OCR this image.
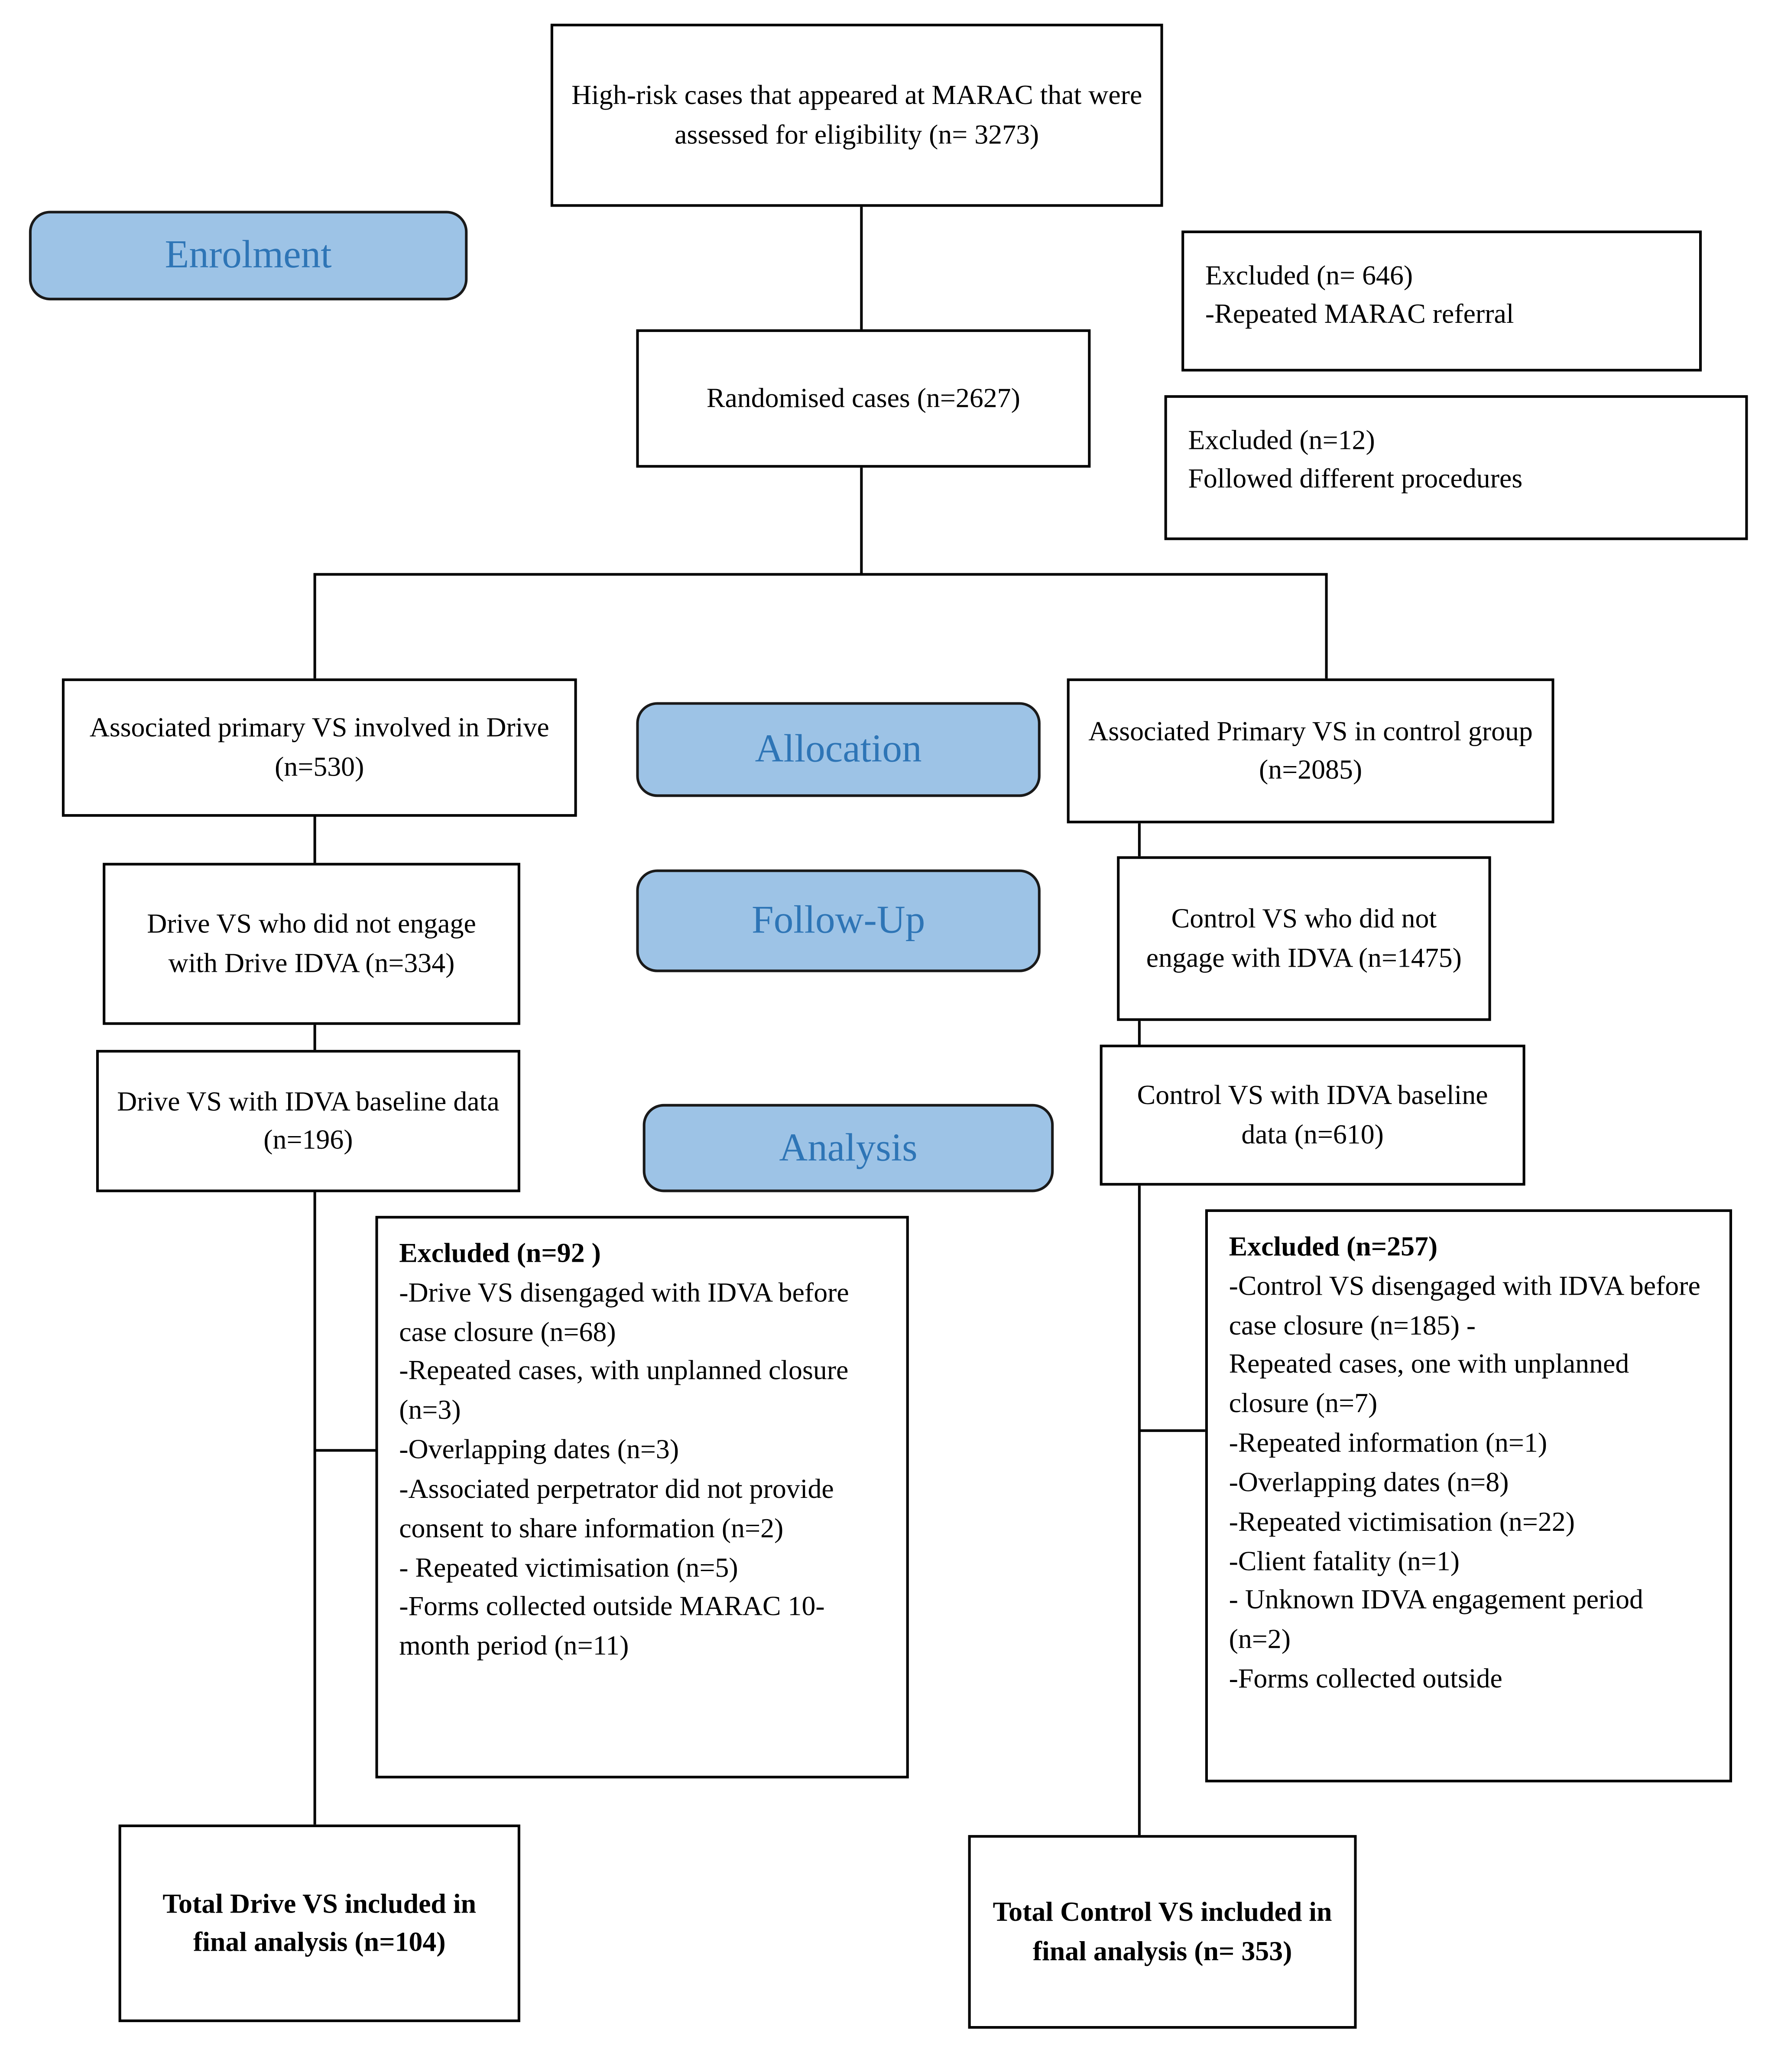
High-risk cases that appeared at MARAC that were assessed for eligibility (n= 3273)
Enrolment
Randomised cases (n=2627)
Excluded (n= 646)
-Repeated MARAC referral
Excluded (n=12)
Followed different procedures
Associated primary VS involved in Drive (n=530)	Allocation	Associated Primary VS in control group (n=2085)
Drive VS who did not engage with Drive IDVA (n=334)
Follow-Up	Control VS who did not engage with IDVA (n=1475)
Drive VS with IDVA baseline data (n=196)	Analysis
Control VS with IDVA baseline data (n=610)
Excluded (n=92 )
-Drive VS disengaged with IDVA before case closure (n=68)
-Repeated cases, with unplanned closure (n=3)
-Overlapping dates (n=3)
-Associated perpetrator did not provide consent to share information (n=2)
- Repeated victimisation (n=5)
-Forms collected outside MARAC 10-month period (n=11)
Excluded (n=257)
-Control VS disengaged with IDVA before case closure (n=185) -
Repeated cases, one with unplanned closure (n=7)
-Repeated information (n=1)
-Overlapping dates (n=8)
-Repeated victimisation (n=22)
-Client fatality (n=1)
- Unknown IDVA engagement period (n=2)
-Forms collected outside
Total Drive VS included in final analysis (n=104)
Total Control VS included in final analysis (n= 353)
